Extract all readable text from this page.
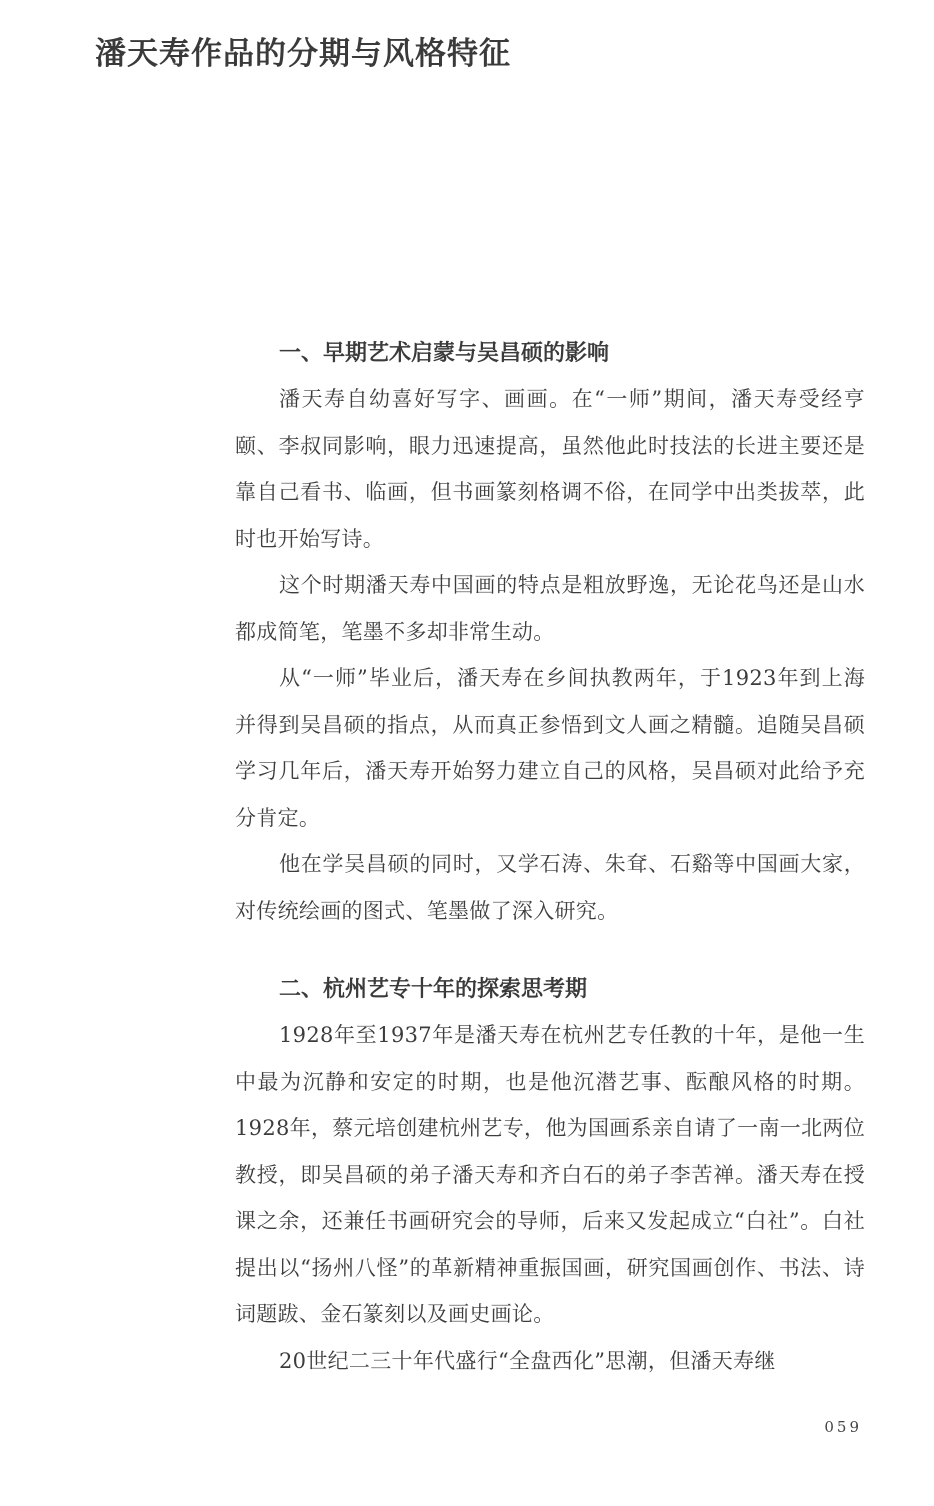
潘天寿作品的分期与风格特征
一、早期艺术启蒙与吴昌硕的影响

潘天寿自幼喜好写字、画画。在“一师”期间，潘天寿受经亨颐、李叔同影响，眼力迅速提高，虽然他此时技法的长进主要还是靠自己看书、临画，但书画篆刻格调不俗，在同学中出类拔萃，此时也开始写诗。

这个时期潘天寿中国画的特点是粗放野逸，无论花鸟还是山水都成简笔，笔墨不多却非常生动。

从“一师”毕业后，潘天寿在乡间执教两年，于1923年到上海并得到吴昌硕的指点，从而真正参悟到文人画之精髓。追随吴昌硕学习几年后，潘天寿开始努力建立自己的风格，吴昌硕对此给予充分肯定。

他在学吴昌硕的同时，又学石涛、朱耷、石谿等中国画大家，对传统绘画的图式、笔墨做了深入研究。

二、杭州艺专十年的探索思考期

1928年至1937年是潘天寿在杭州艺专任教的十年，是他一生中最为沉静和安定的时期，也是他沉潜艺事、酝酿风格的时期。1928年，蔡元培创建杭州艺专，他为国画系亲自请了一南一北两位教授，即吴昌硕的弟子潘天寿和齐白石的弟子李苦禅。潘天寿在授课之余，还兼任书画研究会的导师，后来又发起成立“白社”。白社提出以“扬州八怪”的革新精神重振国画，研究国画创作、书法、诗词题跋、金石篆刻以及画史画论。

20世纪二三十年代盛行“全盘西化”思潮，但潘天寿继

059
